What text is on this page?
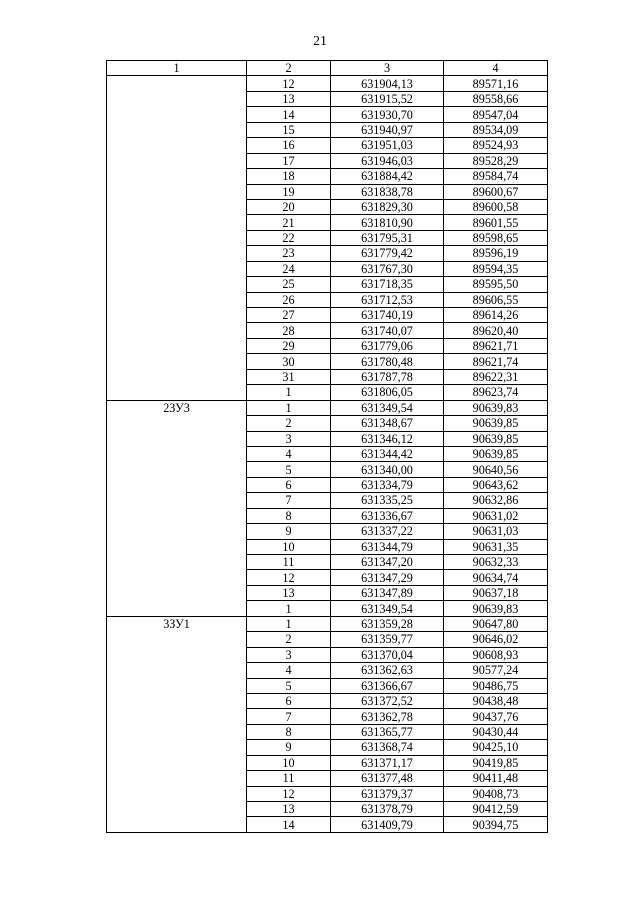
21
1	2	3	4

	12	631904,13	89571,16
	13	631915,52	89558,66
	14	631930,70	89547,04
	15	631940,97	89534,09
	16	631951,03	89524,93
	17	631946,03	89528,29
	18	631884,42	89584,74
	19	631838,78	89600,67
	20	631829,30	89600,58
	21	631810,90	89601,55
	22	631795,31	89598,65
	23	631779,42	89596,19
	24	631767,30	89594,35
	25	631718,35	89595,50
	26	631712,53	89606,55
	27	631740,19	89614,26
	28	631740,07	89620,40
	29	631779,06	89621,71
	30	631780,48	89621,74
	31	631787,78	89622,31
	1	631806,05	89623,74

2ЗУ3	1	631349,54	90639,83
	2	631348,67	90639,85
	3	631346,12	90639,85
	4	631344,42	90639,85
	5	631340,00	90640,56
	6	631334,79	90643,62
	7	631335,25	90632,86
	8	631336,67	90631,02
	9	631337,22	90631,03
	10	631344,79	90631,35
	11	631347,20	90632,33
	12	631347,29	90634,74
	13	631347,89	90637,18
	1	631349,54	90639,83

3ЗУ1	1	631359,28	90647,80
	2	631359,77	90646,02
	3	631370,04	90608,93
	4	631362,63	90577,24
	5	631366,67	90486,75
	6	631372,52	90438,48
	7	631362,78	90437,76
	8	631365,77	90430,44
	9	631368,74	90425,10
	10	631371,17	90419,85
	11	631377,48	90411,48
	12	631379,37	90408,73
	13	631378,79	90412,59
	14	631409,79	90394,75
